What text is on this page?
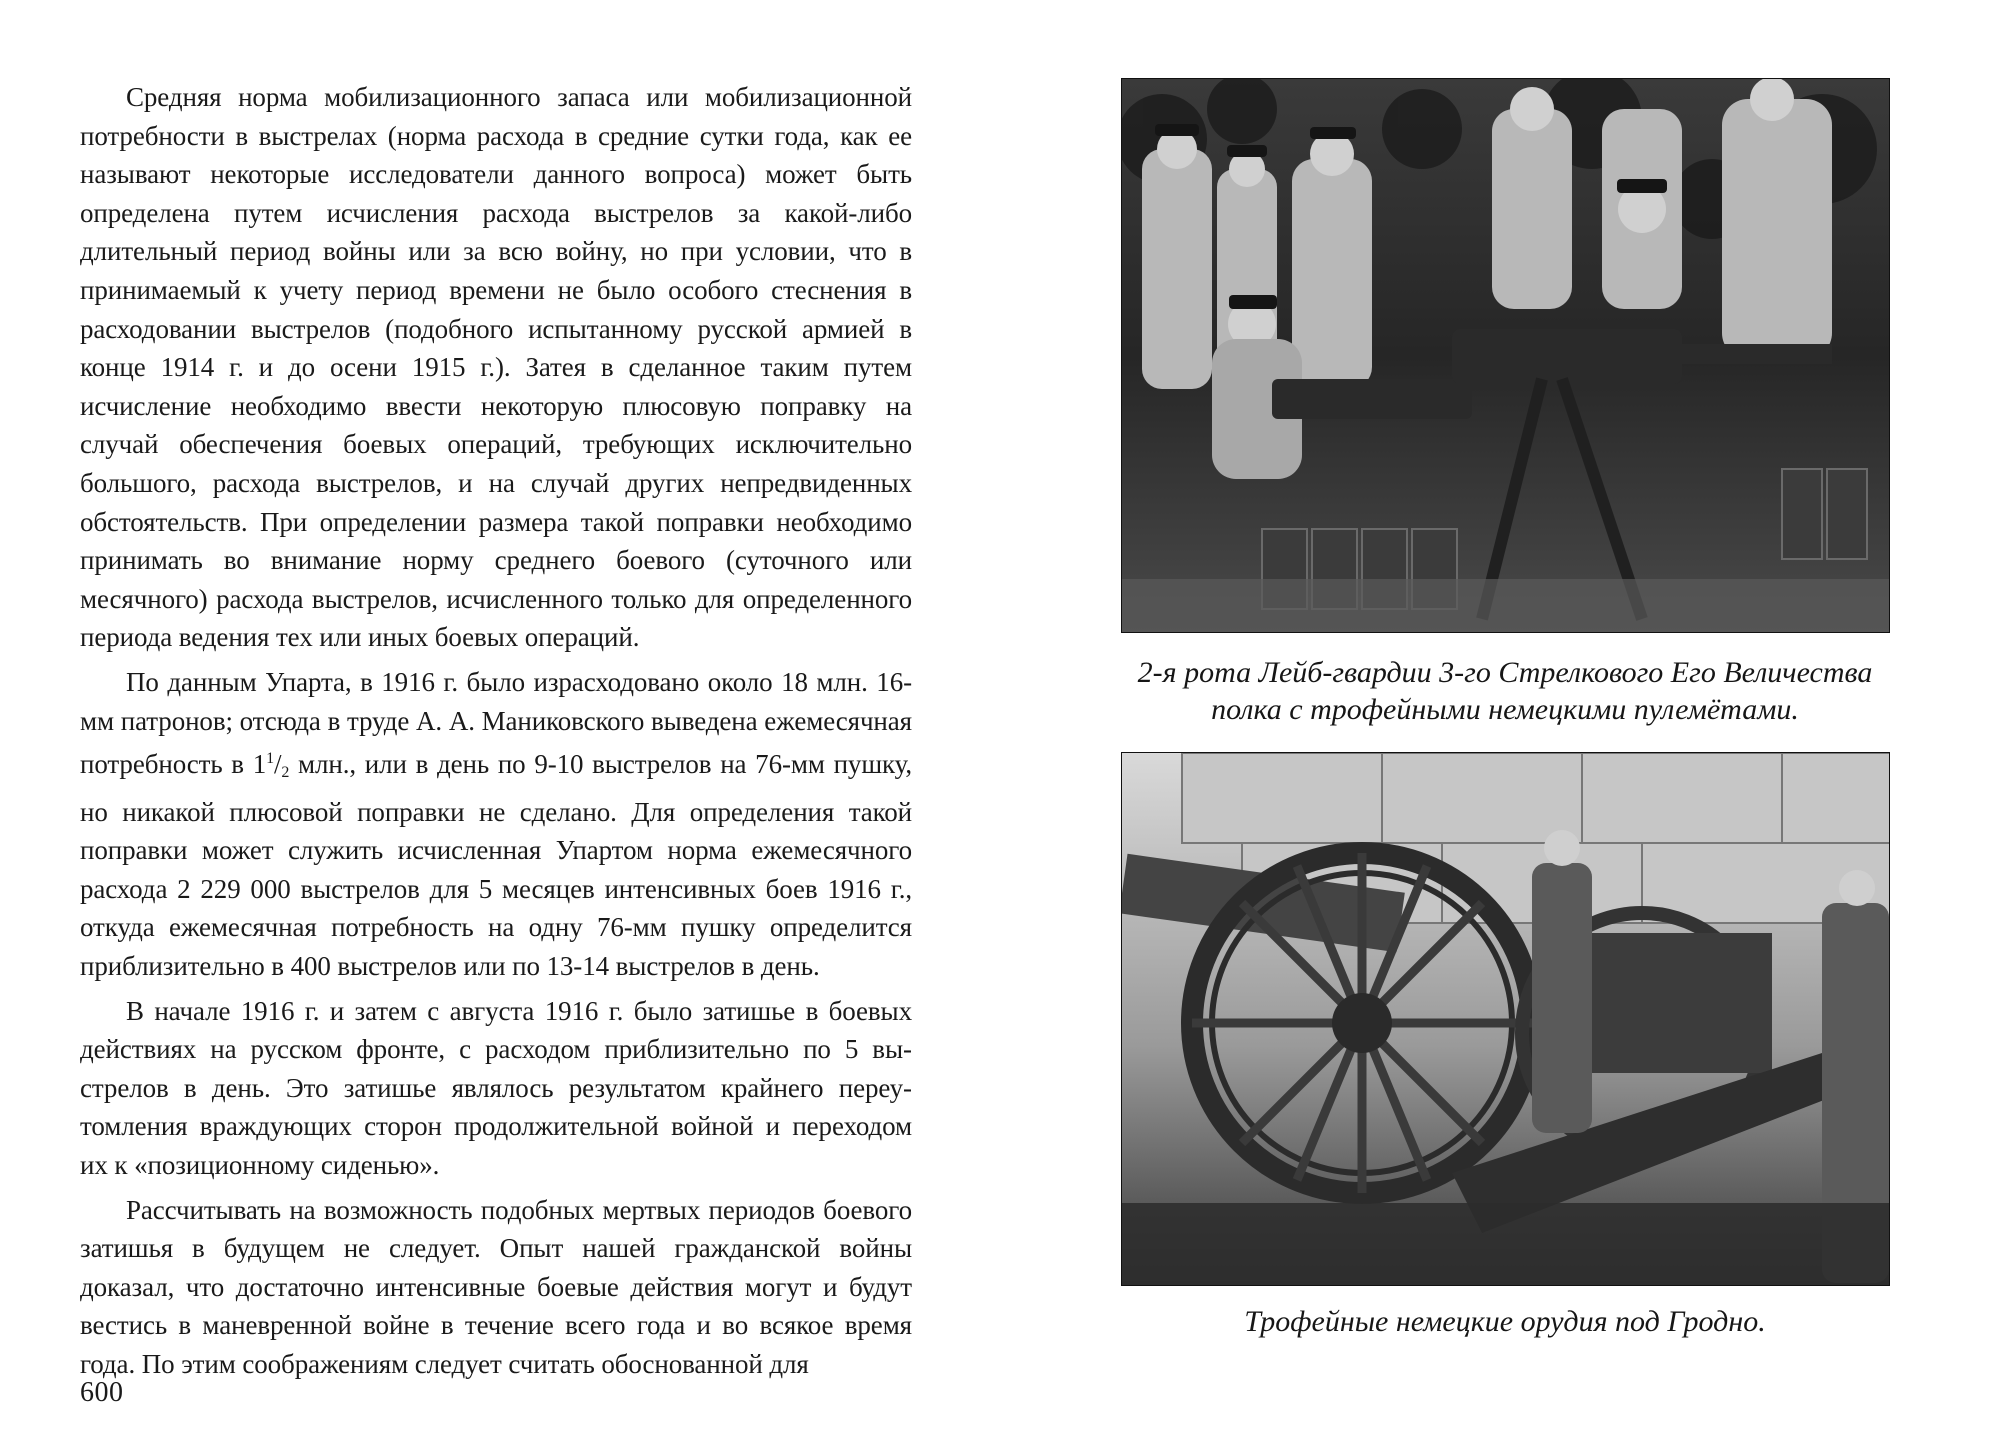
Средняя норма мобилизационного запаса или мобилизационной потребности в выстрелах (норма расхода в средние сутки года, как ее называют некоторые исследователи данного вопроса) может быть определена путем исчисления расхода выстрелов за какой-либо длительный период войны или за всю войну, но при условии, что в принимаемый к учету период времени не было особого стеснения в расходовании выстрелов (подобного испытанному русской армией в конце 1914 г. и до осени 1915 г.). Затея в сделанное таким путем исчисление необходимо ввести некоторую плюсовую поправку на случай обеспечения боевых операций, требующих исключительно большого, расхода выстрелов, и на случай других непредвиденных обстоятельств. При определении размера такой поправки необходимо принимать во внимание норму среднего боевого (суточного или месячного) расхода выстрелов, исчисленного только для определенного периода ведения тех или иных боевых операций.

По данным Упарта, в 1916 г. было израсходовано около 18 млн. 16-мм патронов; отсюда в труде А. А. Маниковского выведена ежемесячная потребность в $1^1/_2$ млн., или в день по 9-10 выстрелов на 76-мм пушку, но никакой плюсовой поправки не сделано. Для определения такой поправки может служить исчисленная Упартом норма ежемесячного расхода 2 229 000 выстрелов для 5 месяцев интенсивных боев 1916 г., откуда ежемесячная потребность на одну 76-мм пушку определится приблизительно в 400 выстрелов или по 13-14 выстрелов в день.

В начале 1916 г. и затем с августа 1916 г. было затишье в боевых действиях на русском фронте, с расходом приблизительно по 5 выстрелов в день. Это затишье являлось результатом крайнего переутомления враждующих сторон продолжительной войной и переходом их к «позиционному сиденью».

Рассчитывать на возможность подобных мертвых периодов боевого затишья в будущем не следует. Опыт нашей гражданской войны доказал, что достаточно интенсивные боевые действия могут и будут вестись в маневренной войне в течение всего года и во всякое время года. По этим соображениям следует считать обоснованной для

600
2-я рота Лейб-гвардии 3-го Стрелкового Его Величества полка с трофейными немецкими пулемётами.
Трофейные немецкие орудия под Гродно.
